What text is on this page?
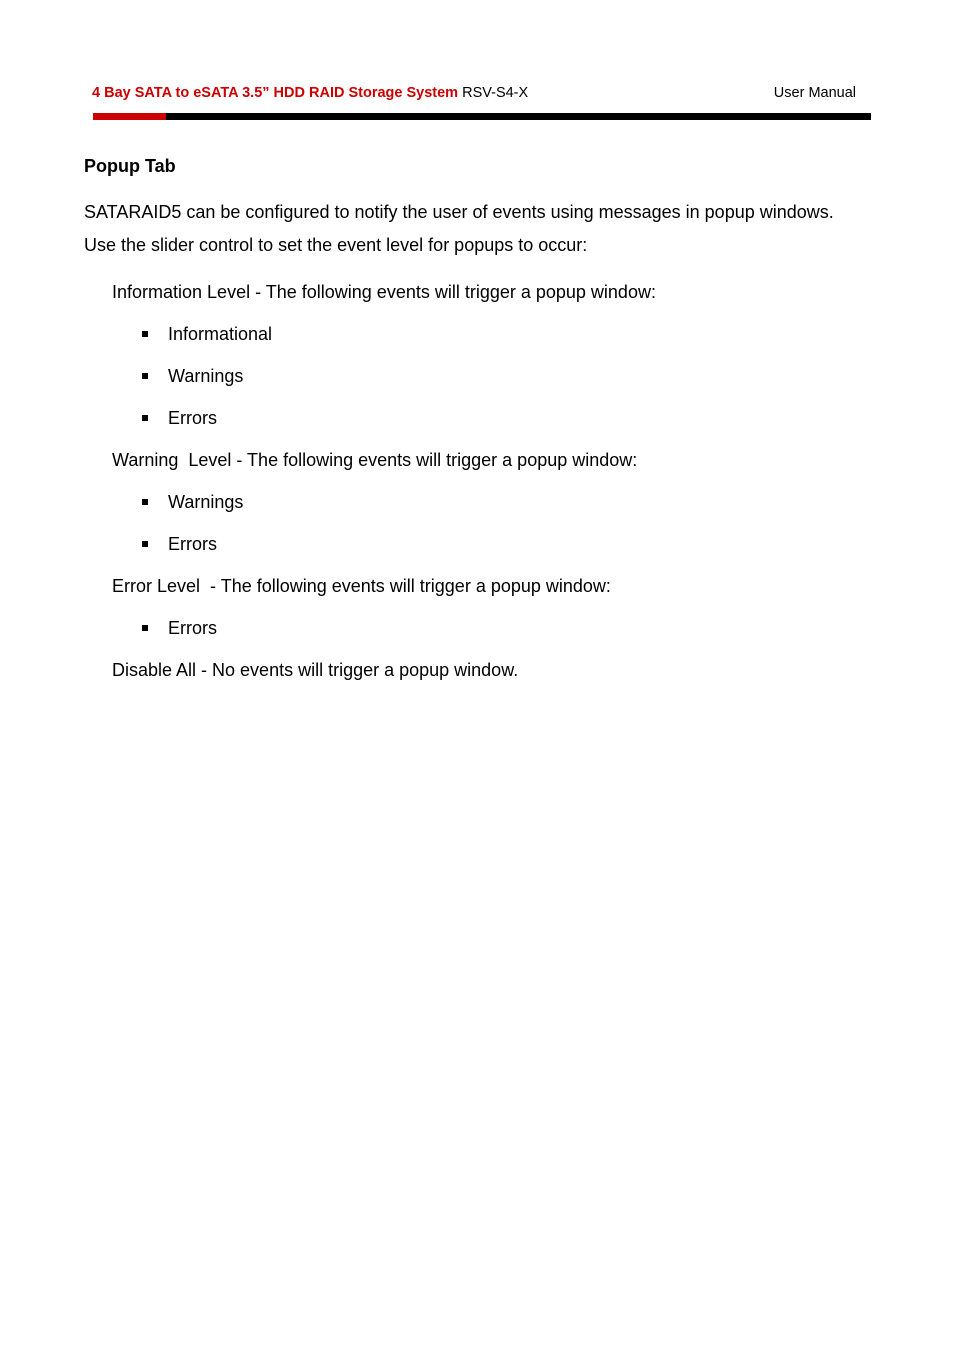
4 Bay SATA to eSATA 3.5” HDD RAID Storage System RSV-S4-X	User Manual
Popup Tab

SATARAID5 can be configured to notify the user of events using messages in popup windows.
Use the slider control to set the event level for popups to occur:

Information Level - The following events will trigger a popup window:

Informational
Warnings
Errors

Warning  Level - The following events will trigger a popup window:

Warnings
Errors

Error Level  - The following events will trigger a popup window:

Errors

Disable All - No events will trigger a popup window.
